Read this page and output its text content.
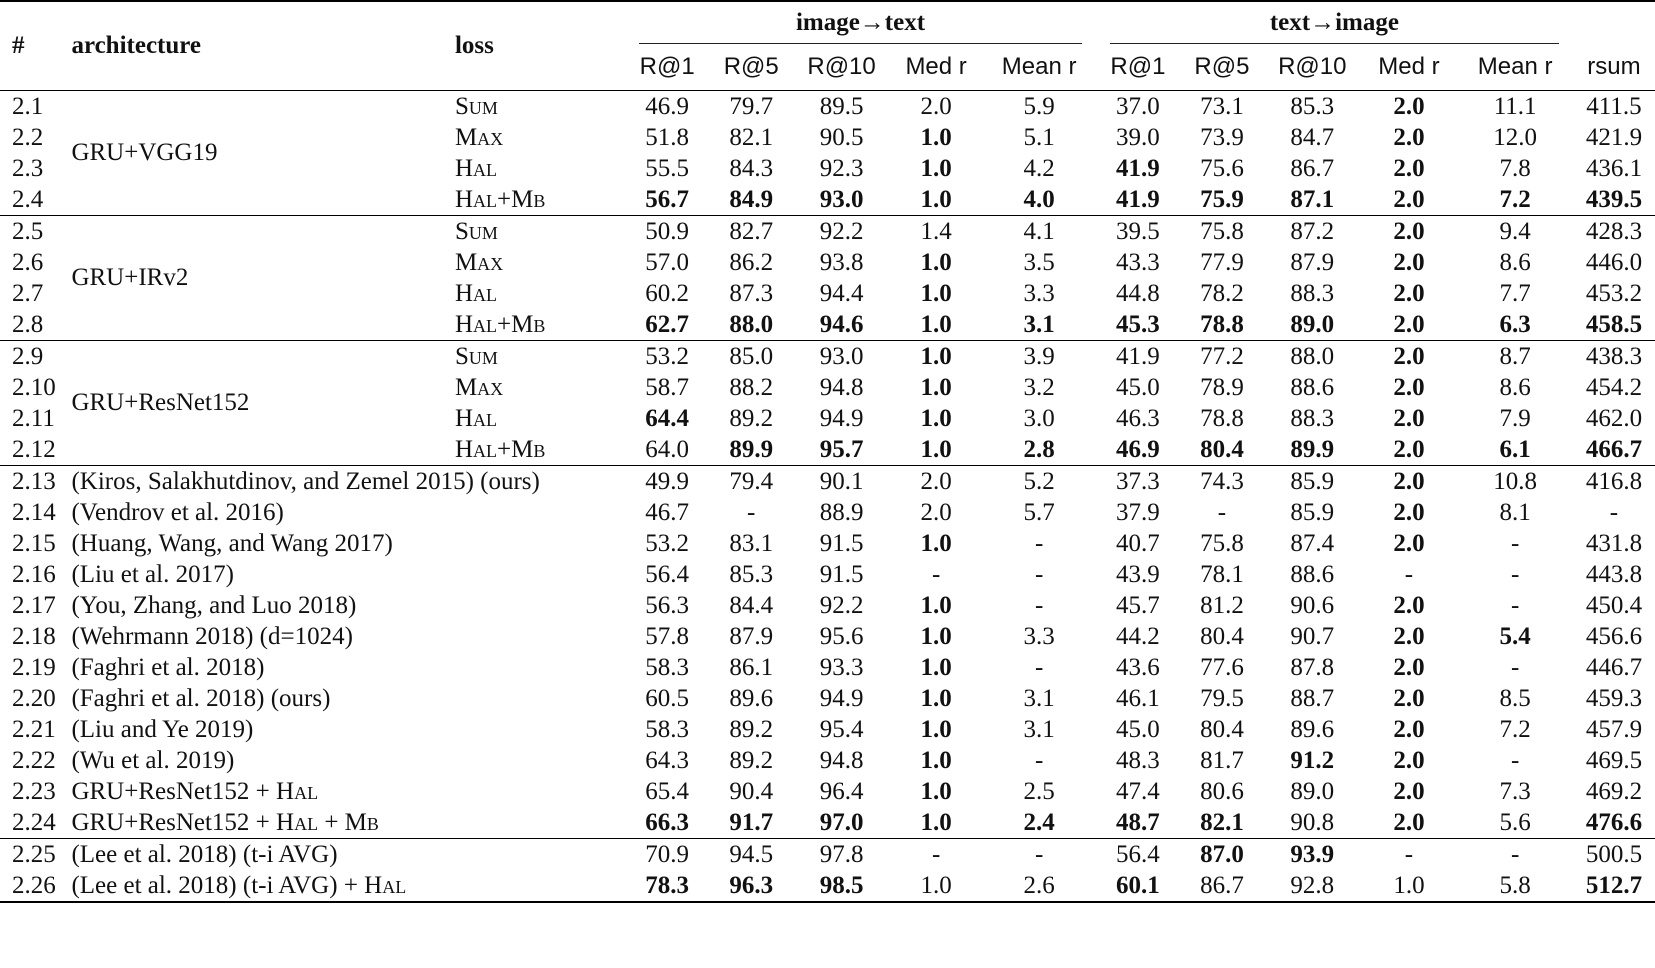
#	architecture	loss	image→text					text→image				

			R@1	R@5	R@10	Med r	Mean r	R@1	R@5	R@10	Med r	Mean r	rsum
2.1	GRU+VGG19	Sum	46.9	79.7	89.5	2.0	5.9	37.0	73.1	85.3	2.0	11.1	411.5
2.2		Max	51.8	82.1	90.5	1.0	5.1	39.0	73.9	84.7	2.0	12.0	421.9
2.3		Hal	55.5	84.3	92.3	1.0	4.2	41.9	75.6	86.7	2.0	7.8	436.1
2.4		Hal+Mb	56.7	84.9	93.0	1.0	4.0	41.9	75.9	87.1	2.0	7.2	439.5
2.5	GRU+IRv2	Sum	50.9	82.7	92.2	1.4	4.1	39.5	75.8	87.2	2.0	9.4	428.3
2.6		Max	57.0	86.2	93.8	1.0	3.5	43.3	77.9	87.9	2.0	8.6	446.0
2.7		Hal	60.2	87.3	94.4	1.0	3.3	44.8	78.2	88.3	2.0	7.7	453.2
2.8		Hal+Mb	62.7	88.0	94.6	1.0	3.1	45.3	78.8	89.0	2.0	6.3	458.5
2.9	GRU+ResNet152	Sum	53.2	85.0	93.0	1.0	3.9	41.9	77.2	88.0	2.0	8.7	438.3
2.10		Max	58.7	88.2	94.8	1.0	3.2	45.0	78.9	88.6	2.0	8.6	454.2
2.11		Hal	64.4	89.2	94.9	1.0	3.0	46.3	78.8	88.3	2.0	7.9	462.0
2.12		Hal+Mb	64.0	89.9	95.7	1.0	2.8	46.9	80.4	89.9	2.0	6.1	466.7
2.13	(Kiros, Salakhutdinov, and Zemel 2015) (ours)		49.9	79.4	90.1	2.0	5.2	37.3	74.3	85.9	2.0	10.8	416.8
2.14	(Vendrov et al. 2016)		46.7	-	88.9	2.0	5.7	37.9	-	85.9	2.0	8.1	-
2.15	(Huang, Wang, and Wang 2017)		53.2	83.1	91.5	1.0	-	40.7	75.8	87.4	2.0	-	431.8
2.16	(Liu et al. 2017)		56.4	85.3	91.5	-	-	43.9	78.1	88.6	-	-	443.8
2.17	(You, Zhang, and Luo 2018)		56.3	84.4	92.2	1.0	-	45.7	81.2	90.6	2.0	-	450.4
2.18	(Wehrmann 2018) (d=1024)		57.8	87.9	95.6	1.0	3.3	44.2	80.4	90.7	2.0	5.4	456.6
2.19	(Faghri et al. 2018)		58.3	86.1	93.3	1.0	-	43.6	77.6	87.8	2.0	-	446.7
2.20	(Faghri et al. 2018) (ours)		60.5	89.6	94.9	1.0	3.1	46.1	79.5	88.7	2.0	8.5	459.3
2.21	(Liu and Ye 2019)		58.3	89.2	95.4	1.0	3.1	45.0	80.4	89.6	2.0	7.2	457.9
2.22	(Wu et al. 2019)		64.3	89.2	94.8	1.0	-	48.3	81.7	91.2	2.0	-	469.5
2.23	GRU+ResNet152 + Hal		65.4	90.4	96.4	1.0	2.5	47.4	80.6	89.0	2.0	7.3	469.2
2.24	GRU+ResNet152 + Hal + Mb		66.3	91.7	97.0	1.0	2.4	48.7	82.1	90.8	2.0	5.6	476.6
2.25	(Lee et al. 2018) (t-i AVG)		70.9	94.5	97.8	-	-	56.4	87.0	93.9	-	-	500.5
2.26	(Lee et al. 2018) (t-i AVG) + Hal		78.3	96.3	98.5	1.0	2.6	60.1	86.7	92.8	1.0	5.8	512.7
